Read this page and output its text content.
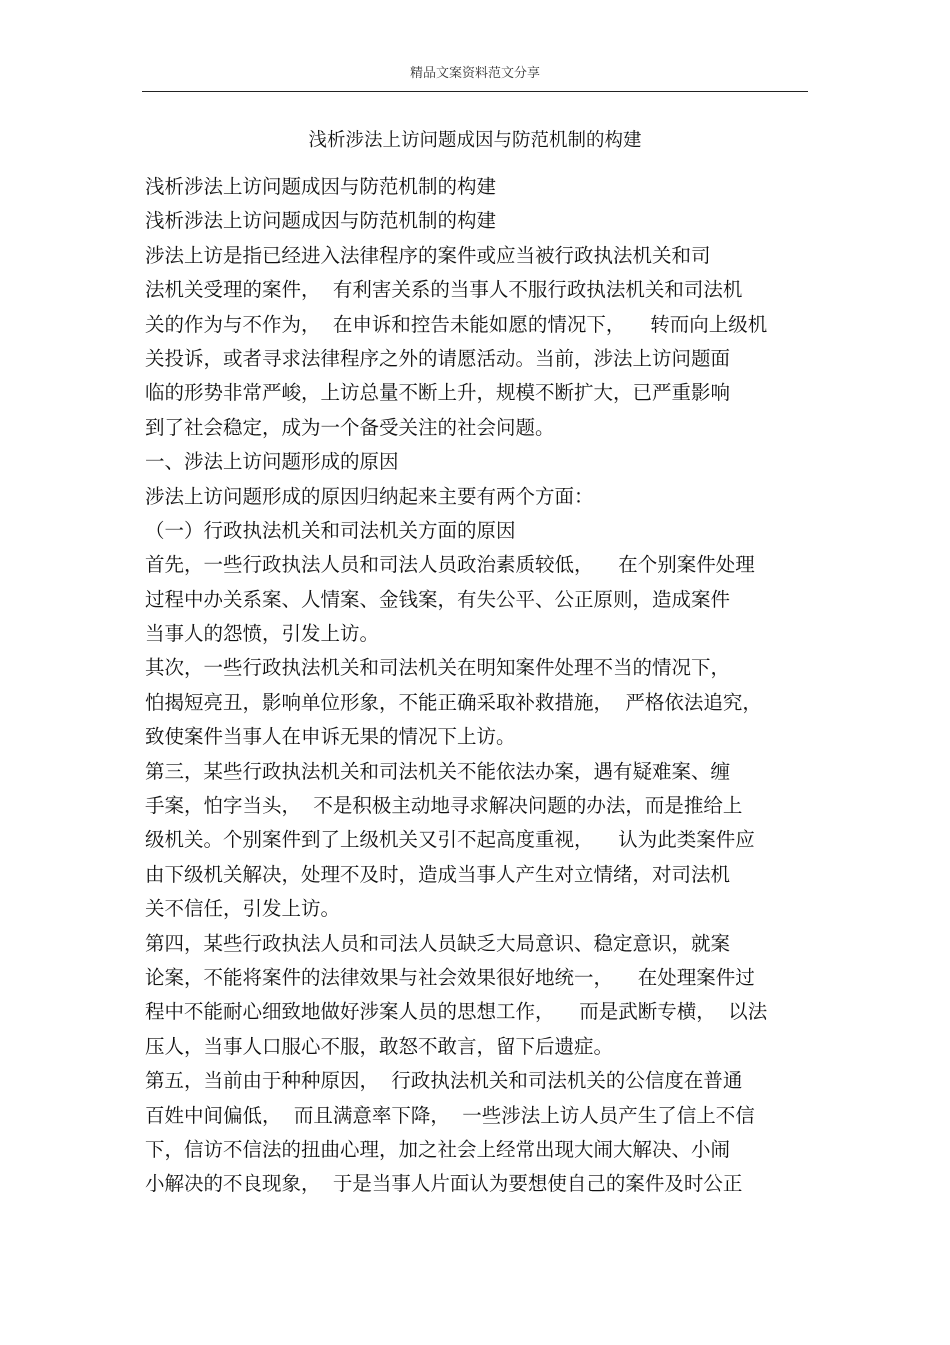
精品文案资料范文分享
浅析涉法上访问题成因与防范机制的构建
浅析涉法上访问题成因与防范机制的构建
浅析涉法上访问题成因与防范机制的构建
涉法上访是指已经进入法律程序的案件或应当被行政执法机关和司
法机关受理的案件，  有利害关系的当事人不服行政执法机关和司法机
关的作为与不作为，  在申诉和控告未能如愿的情况下，    转而向上级机
关投诉，或者寻求法律程序之外的请愿活动。当前，涉法上访问题面
临的形势非常严峻，上访总量不断上升，规模不断扩大，已严重影响
到了社会稳定，成为一个备受关注的社会问题。
一、涉法上访问题形成的原因
涉法上访问题形成的原因归纳起来主要有两个方面：
（一）行政执法机关和司法机关方面的原因
首先，一些行政执法人员和司法人员政治素质较低，    在个别案件处理
过程中办关系案、人情案、金钱案，有失公平、公正原则，造成案件
当事人的怨愤，引发上访。
其次，一些行政执法机关和司法机关在明知案件处理不当的情况下，
怕揭短亮丑，影响单位形象，不能正确采取补救措施，  严格依法追究，
致使案件当事人在申诉无果的情况下上访。
第三，某些行政执法机关和司法机关不能依法办案，遇有疑难案、缠
手案，怕字当头，  不是积极主动地寻求解决问题的办法，而是推给上
级机关。个别案件到了上级机关又引不起高度重视，    认为此类案件应
由下级机关解决，处理不及时，造成当事人产生对立情绪，对司法机
关不信任，引发上访。
第四，某些行政执法人员和司法人员缺乏大局意识、稳定意识，就案
论案，不能将案件的法律效果与社会效果很好地统一，    在处理案件过
程中不能耐心细致地做好涉案人员的思想工作，    而是武断专横，  以法
压人，当事人口服心不服，敢怒不敢言，留下后遗症。
第五，当前由于种种原因，  行政执法机关和司法机关的公信度在普通
百姓中间偏低，  而且满意率下降，  一些涉法上访人员产生了信上不信
下，信访不信法的扭曲心理，加之社会上经常出现大闹大解决、小闹
小解决的不良现象，  于是当事人片面认为要想使自己的案件及时公正
